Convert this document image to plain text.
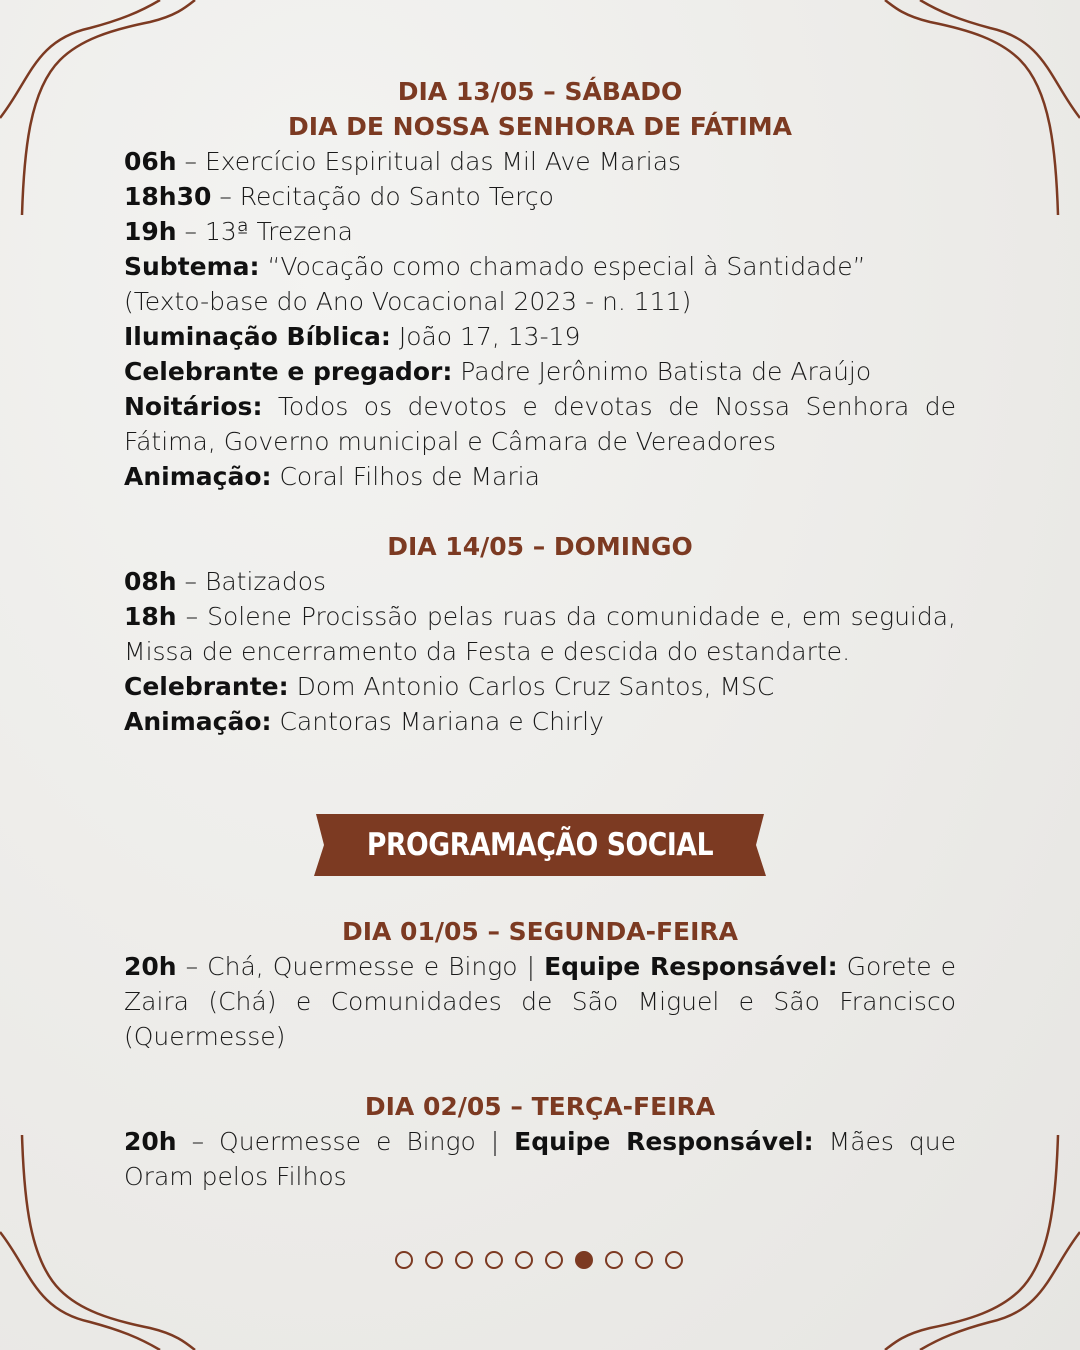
DIA 13/05 – SÁBADO
DIA DE NOSSA SENHORA DE FÁTIMA

06h – Exercício Espiritual das Mil Ave Marias

18h30 – Recitação do Santo Terço

19h – 13ª Trezena

Subtema: “Vocação como chamado especial à Santidade” (Texto-base do Ano Vocacional 2023 - n. 111)

Iluminação Bíblica: João 17, 13-19

Celebrante e pregador: Padre Jerônimo Batista de Araújo

Noitários: Todos os devotos e devotas de Nossa Senhora de Fátima, Governo municipal e Câmara de Vereadores

Animação: Coral Filhos de Maria

DIA 14/05 – DOMINGO

08h – Batizados

18h – Solene Procissão pelas ruas da comunidade e, em seguida, Missa de encerramento da Festa e descida do estandarte.

Celebrante: Dom Antonio Carlos Cruz Santos, MSC

Animação: Cantoras Mariana e Chirly

PROGRAMAÇÃO SOCIAL
DIA 01/05 – SEGUNDA-FEIRA

20h – Chá, Quermesse e Bingo | Equipe Responsável: Gorete e Zaira (Chá) e Comunidades de São Miguel e São Francisco (Quermesse)

DIA 02/05 – TERÇA-FEIRA

20h – Quermesse e Bingo | Equipe Responsável: Mães que Oram pelos Filhos
